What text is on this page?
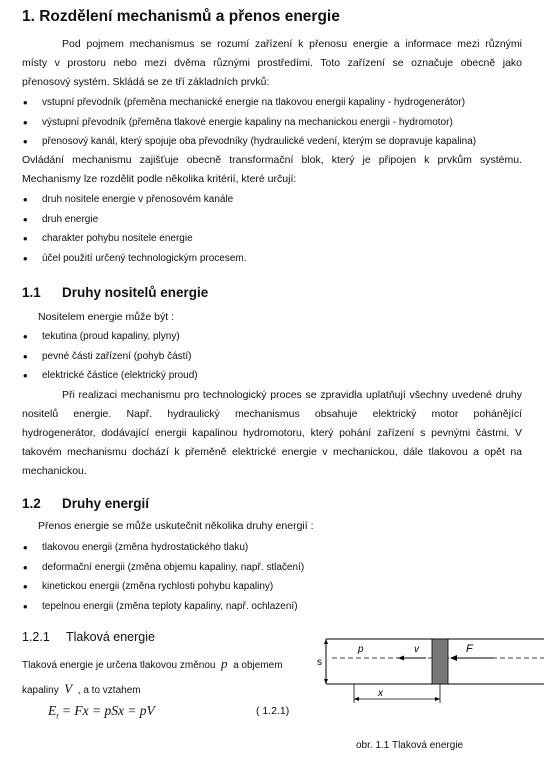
1. Rozdělení mechanismů a přenos energie
Pod pojmem mechanismus se rozumí zařízení k přenosu energie a informace mezi různými
místy v prostoru nebo mezi dvěma různými prostředími. Toto zařízení se označuje obecně jako
přenosový systém. Skládá se ze tří základních prvků:
• vstupní převodník (přeměna mechanické energie na tlakovou energii kapaliny - hydrogenerátor)
• výstupní převodník (přeměna tlakové energie kapaliny na mechanickou energii - hydromotor)
• přenosový kanál, který spojuje oba převodníky (hydraulické vedení, kterým se dopravuje kapalina)
Ovládání mechanismu zajišťuje obecně transformační blok, který je připojen k prvkům systému.
Mechanismy lze rozdělit podle několika kritérií, které určují:
• druh nositele energie v přenosovém kanále
• druh energie
• charakter pohybu nositele energie
• účel použití určený technologickým procesem.
1.1 Druhy nositelů energie
Nositelem energie může být :
• tekutina (proud kapaliny, plyny)
• pevné části zařízení (pohyb částí)
• elektrické částice (elektrický proud)
Při realizaci mechanismu pro technologický proces se zpravidla uplatňují všechny uvedené druhy
nositelů energie. Např. hydraulický mechanismus obsahuje elektrický motor pohánějící
hydrogenerátor, dodávající energii kapalinou hydromotoru, který pohání zařízení s pevnými částmi. V
takovém mechanismu dochází k přeměně elektrické energie v mechanickou, dále tlakovou a opět na
mechanickou.
1.2 Druhy energií
Přenos energie se může uskutečnit několika druhy energií :
• tlakovou energii (změna hydrostatického tlaku)
• deformační energii (změna objemu kapaliny, např. stlačení)
• kinetickou energii (změna rychlosti pohybu kapaliny)
• tepelnou energii (změna teploty kapaliny, např. ochlazení)
1.2.1 Tlaková energie
Tlaková energie je určena tlakovou změnou p a objemem
kapaliny V , a to vztahem
$E_t = Fx$ = pSx = pV	( 1.2.1)
s
x
v
p	F
obr. 1.1 Tlaková energie
